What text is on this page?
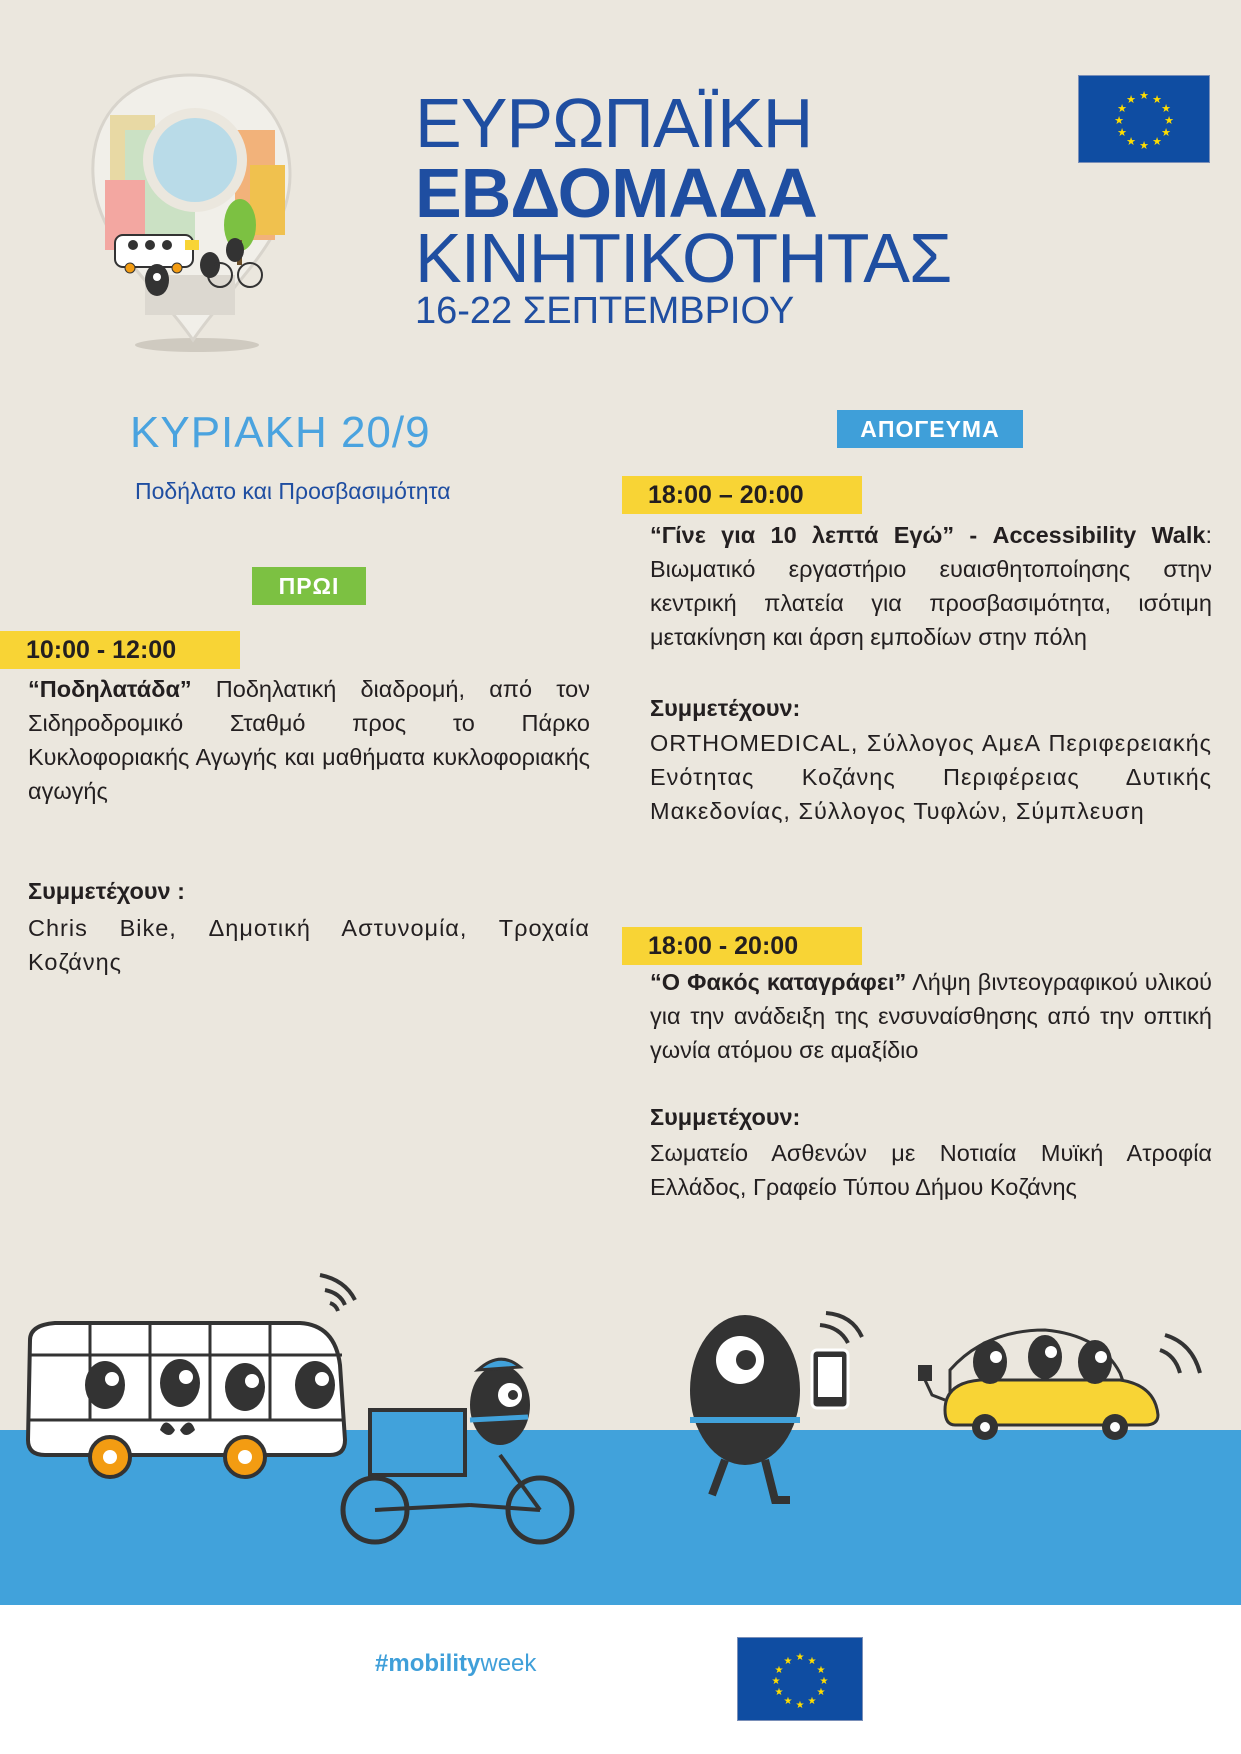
ΕΥΡΩΠΑΪΚΗ
ΕΒΔΟΜΑΔΑ
ΚΙΝΗΤΙΚΟΤΗΤΑΣ
16-22 ΣΕΠΤΕΜΒΡΙΟΥ
★ ★
★
★
★
★
★
★
★
★
★
★
ΚΥΡΙΑΚΗ 20/9
Ποδήλατο και Προσβασιμότητα
ΠΡΩΙ
10:00 - 12:00
“Ποδηλατάδα” Ποδηλατική διαδρομή, από τον Σιδηροδρομικό Σταθμό προς το Πάρκο Κυκλοφοριακής Αγωγής και μαθήματα κυκλοφοριακής αγωγής
Συμμετέχουν :
Chris Bike, Δημοτική Αστυνομία, Τροχαία Κοζάνης
ΑΠΟΓΕΥΜΑ
18:00 – 20:00
“Γίνε για 10 λεπτά Εγώ” - Accessibility Walk: Βιωματικό εργαστήριο ευαισθητοποίησης στην κεντρική πλατεία για προσβασιμότητα, ισότιμη μετακίνηση και άρση εμποδίων στην πόλη
Συμμετέχουν:
ORTHOMEDICAL, Σύλλογος ΑμεΑ Περιφερειακής Ενότητας Κοζάνης Περιφέρειας Δυτικής Μακεδονίας, Σύλλογος Τυφλών, Σύμπλευση
18:00 - 20:00
“Ο Φακός καταγράφει” Λήψη βιντεογραφικού υλικού για την ανάδειξη της ενσυναίσθησης από την οπτική γωνία ατόμου σε αμαξίδιο
Συμμετέχουν:
Σωματείο Ασθενών με Νοτιαία Μυϊκή Ατροφία Ελλάδος, Γραφείο Τύπου Δήμου Κοζάνης
#mobilityweek	★ ★
★
★
★
★
★
★
★
★
★
★
